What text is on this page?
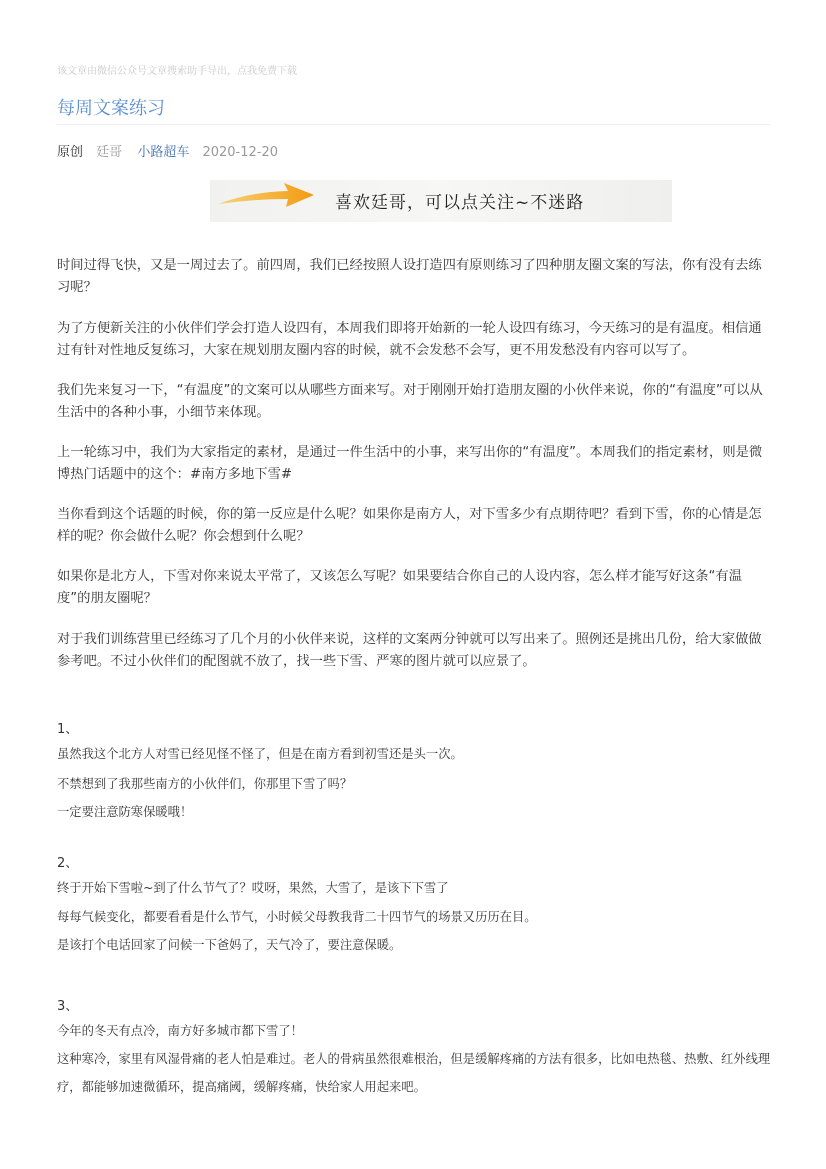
该文章由微信公众号文章搜索助手导出，点我免费下载
每周文案练习
原创 廷哥 小路超车 2020-12-20
喜欢廷哥，可以点关注~不迷路

时间过得飞快，又是一周过去了。前四周，我们已经按照人设打造四有原则练习了四种朋友圈文案的写法，你有没有去练习呢？

为了方便新关注的小伙伴们学会打造人设四有，本周我们即将开始新的一轮人设四有练习，今天练习的是有温度。相信通过有针对性地反复练习，大家在规划朋友圈内容的时候，就不会发愁不会写，更不用发愁没有内容可以写了。

我们先来复习一下，“有温度”的文案可以从哪些方面来写。对于刚刚开始打造朋友圈的小伙伴来说，你的“有温度”可以从生活中的各种小事，小细节来体现。

上一轮练习中，我们为大家指定的素材，是通过一件生活中的小事，来写出你的“有温度”。本周我们的指定素材，则是微博热门话题中的这个：#南方多地下雪#

当你看到这个话题的时候，你的第一反应是什么呢？如果你是南方人，对下雪多少有点期待吧？看到下雪，你的心情是怎样的呢？你会做什么呢？你会想到什么呢？

如果你是北方人，下雪对你来说太平常了，又该怎么写呢？如果要结合你自己的人设内容，怎么样才能写好这条“有温度”的朋友圈呢？

对于我们训练营里已经练习了几个月的小伙伴来说，这样的文案两分钟就可以写出来了。照例还是挑出几份，给大家做做参考吧。不过小伙伴们的配图就不放了，找一些下雪、严寒的图片就可以应景了。

1、

虽然我这个北方人对雪已经见怪不怪了，但是在南方看到初雪还是头一次。

不禁想到了我那些南方的小伙伴们，你那里下雪了吗？

一定要注意防寒保暖哦！

2、

终于开始下雪啦~到了什么节气了？哎呀，果然，大雪了，是该下下雪了

每每气候变化，都要看看是什么节气，小时候父母教我背二十四节气的场景又历历在目。

是该打个电话回家了问候一下爸妈了，天气冷了，要注意保暖。

3、

今年的冬天有点冷，南方好多城市都下雪了！

这种寒冷，家里有风湿骨痛的老人怕是难过。老人的骨病虽然很难根治，但是缓解疼痛的方法有很多，比如电热毯、热敷、红外线理疗，都能够加速微循环，提高痛阈，缓解疼痛，快给家人用起来吧。
